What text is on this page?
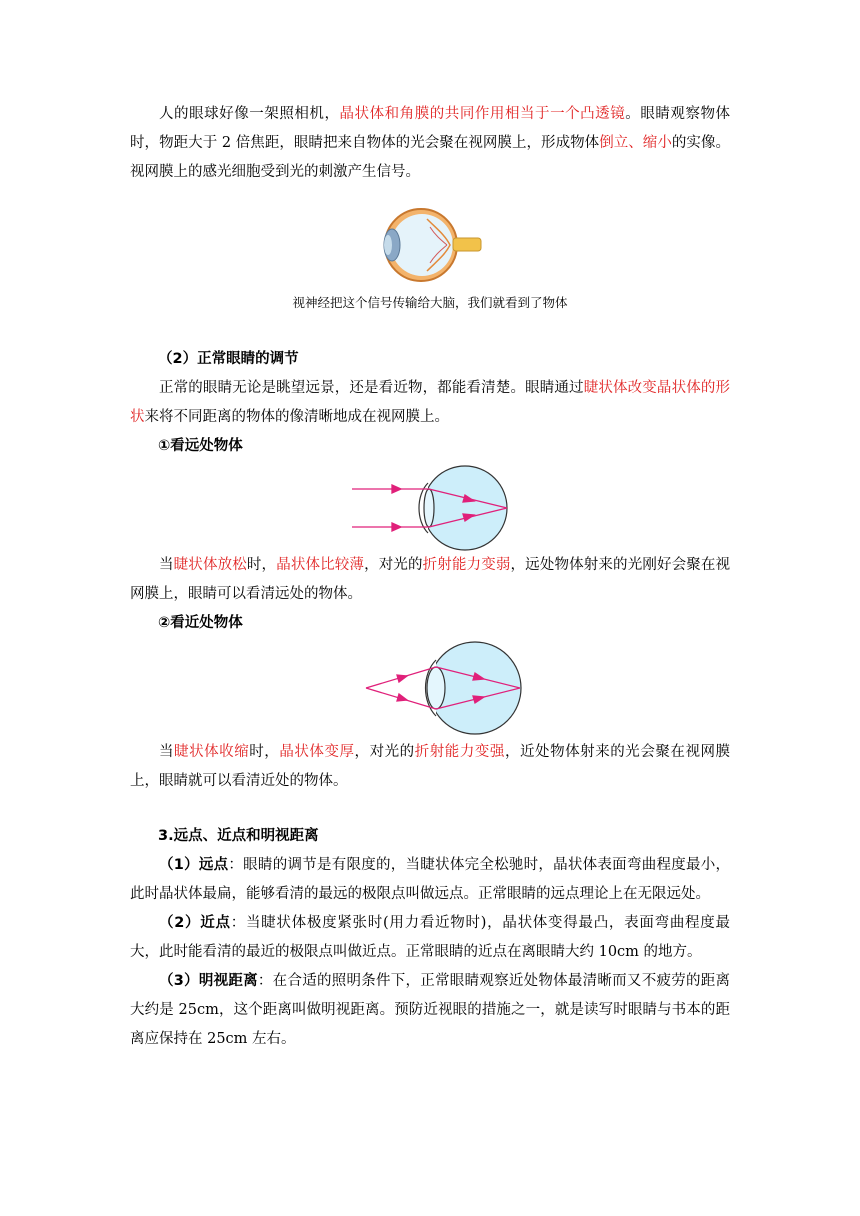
人的眼球好像一架照相机，晶状体和角膜的共同作用相当于一个凸透镜。眼睛观察物体时，物距大于 2 倍焦距，眼睛把来自物体的光会聚在视网膜上，形成物体倒立、缩小的实像。视网膜上的感光细胞受到光的刺激产生信号。

视神经把这个信号传输给大脑，我们就看到了物体
（2）正常眼睛的调节

正常的眼睛无论是眺望远景，还是看近物，都能看清楚。眼睛通过睫状体改变晶状体的形状来将不同距离的物体的像清晰地成在视网膜上。

①看远处物体

当睫状体放松时，晶状体比较薄，对光的折射能力变弱，远处物体射来的光刚好会聚在视网膜上，眼睛可以看清远处的物体。

②看近处物体

当睫状体收缩时，晶状体变厚，对光的折射能力变强，近处物体射来的光会聚在视网膜上，眼睛就可以看清近处的物体。

3.远点、近点和明视距离

（1）远点：眼睛的调节是有限度的，当睫状体完全松驰时，晶状体表面弯曲程度最小，此时晶状体最扁，能够看清的最远的极限点叫做远点。正常眼睛的远点理论上在无限远处。

（2）近点：当睫状体极度紧张时(用力看近物时)，晶状体变得最凸，表面弯曲程度最大，此时能看清的最近的极限点叫做近点。正常眼睛的近点在离眼睛大约 10cm 的地方。

（3）明视距离：在合适的照明条件下，正常眼睛观察近处物体最清晰而又不疲劳的距离大约是 25cm，这个距离叫做明视距离。预防近视眼的措施之一，就是读写时眼睛与书本的距离应保持在 25cm 左右。
